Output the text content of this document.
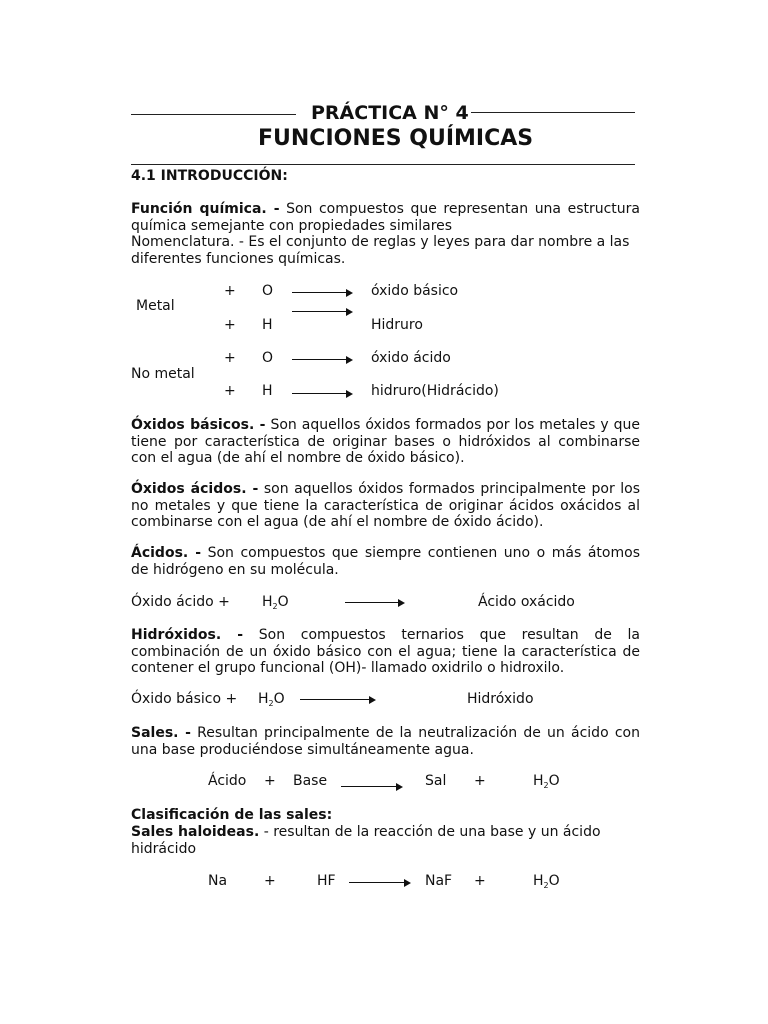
PRÁCTICA N° 4
FUNCIONES QUÍMICAS
4.1 INTRODUCCIÓN:
Función química. - Son compuestos que representan una estructura química semejante con propiedades similares
Nomenclatura. - Es el conjunto de reglas y leyes para dar nombre a las diferentes funciones químicas.
Metal
No metal
+ O	óxido básico
+ H	Hidruro
+ O	óxido ácido
+ H	hidruro(Hidrácido)
Óxidos básicos. - Son aquellos óxidos formados por los metales y que tiene por característica de originar bases o hidróxidos al combinarse con el agua (de ahí el nombre de óxido básico).
Óxidos ácidos. - son aquellos óxidos formados principalmente por los no metales y que tiene la característica de originar ácidos oxácidos al combinarse con el agua (de ahí el nombre de óxido ácido).
Ácidos. - Son compuestos que siempre contienen uno o más átomos de hidrógeno en su molécula.
Óxido ácido + $H_2O$	Ácido oxácido
Hidróxidos. - Son compuestos ternarios que resultan de la combinación de un óxido básico con el agua; tiene la característica de contener el grupo funcional (OH)- llamado oxidrilo o hidroxilo.
Óxido básico + $H_2O$	Hidróxido
Sales. - Resultan principalmente de la neutralización de un ácido con una base produciéndose simultáneamente agua.
Ácido + Base	Sal +	$H_2O$
Clasificación de las sales:
Sales haloideas. - resultan de la reacción de una base y un ácido hidrácido
Na	+	HF	NaF +	$H_2O$
